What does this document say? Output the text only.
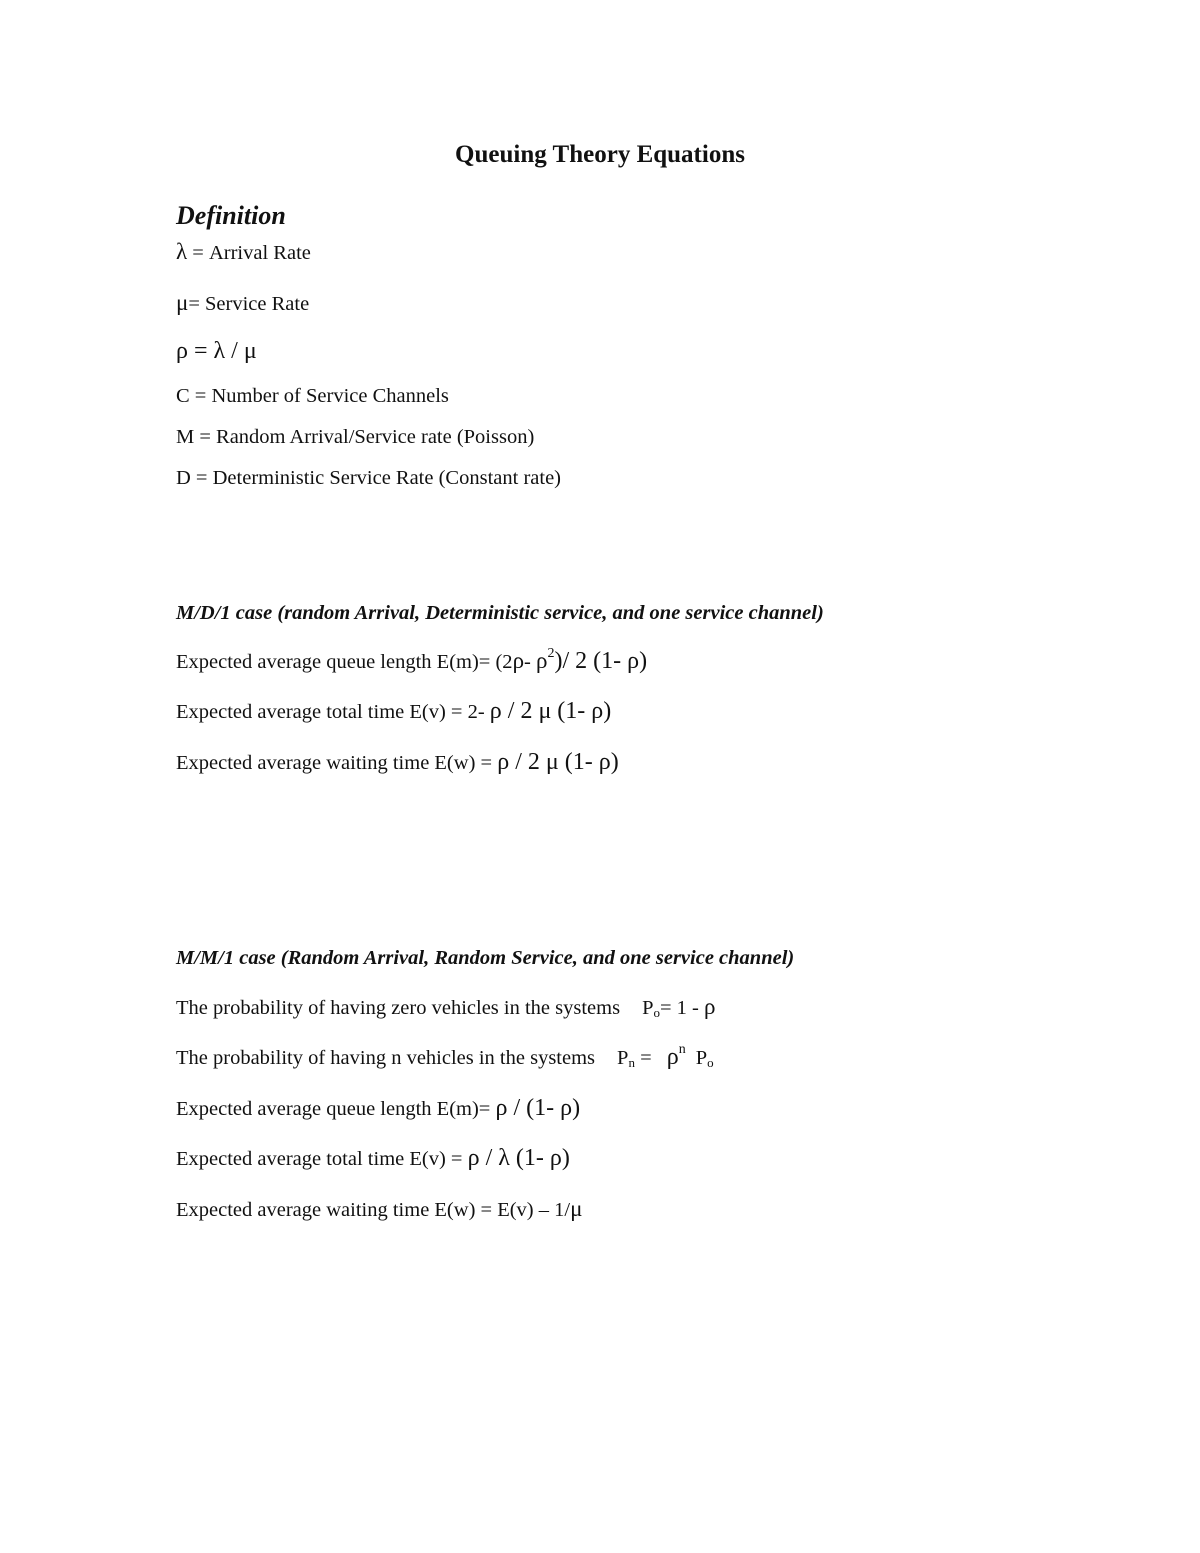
Queuing Theory Equations
Definition
λ = Arrival Rate
μ= Service Rate
ρ = λ / μ
C = Number of Service Channels
M = Random Arrival/Service rate (Poisson)
D = Deterministic Service Rate (Constant rate)
M/D/1 case (random Arrival, Deterministic service, and one service channel)
Expected average queue length E(m)= (2ρ- $\rho^2)/$ 2 (1- ρ)
Expected average total time E(v) = 2- ρ / 2 μ (1- ρ)
Expected average waiting time E(w) = ρ / 2 μ (1- ρ)
M/M/1 case (Random Arrival, Random Service, and one service channel)
The probability of having zero vehicles in the systems $P_o= 1 - \rho$
The probability of having n vehicles in the systems $P_n = \rho^n$ $P_o$
Expected average queue length E(m)= ρ / (1- ρ)
Expected average total time E(v) = ρ / λ (1- ρ)
Expected average waiting time E(w) = E(v) – 1/μ
